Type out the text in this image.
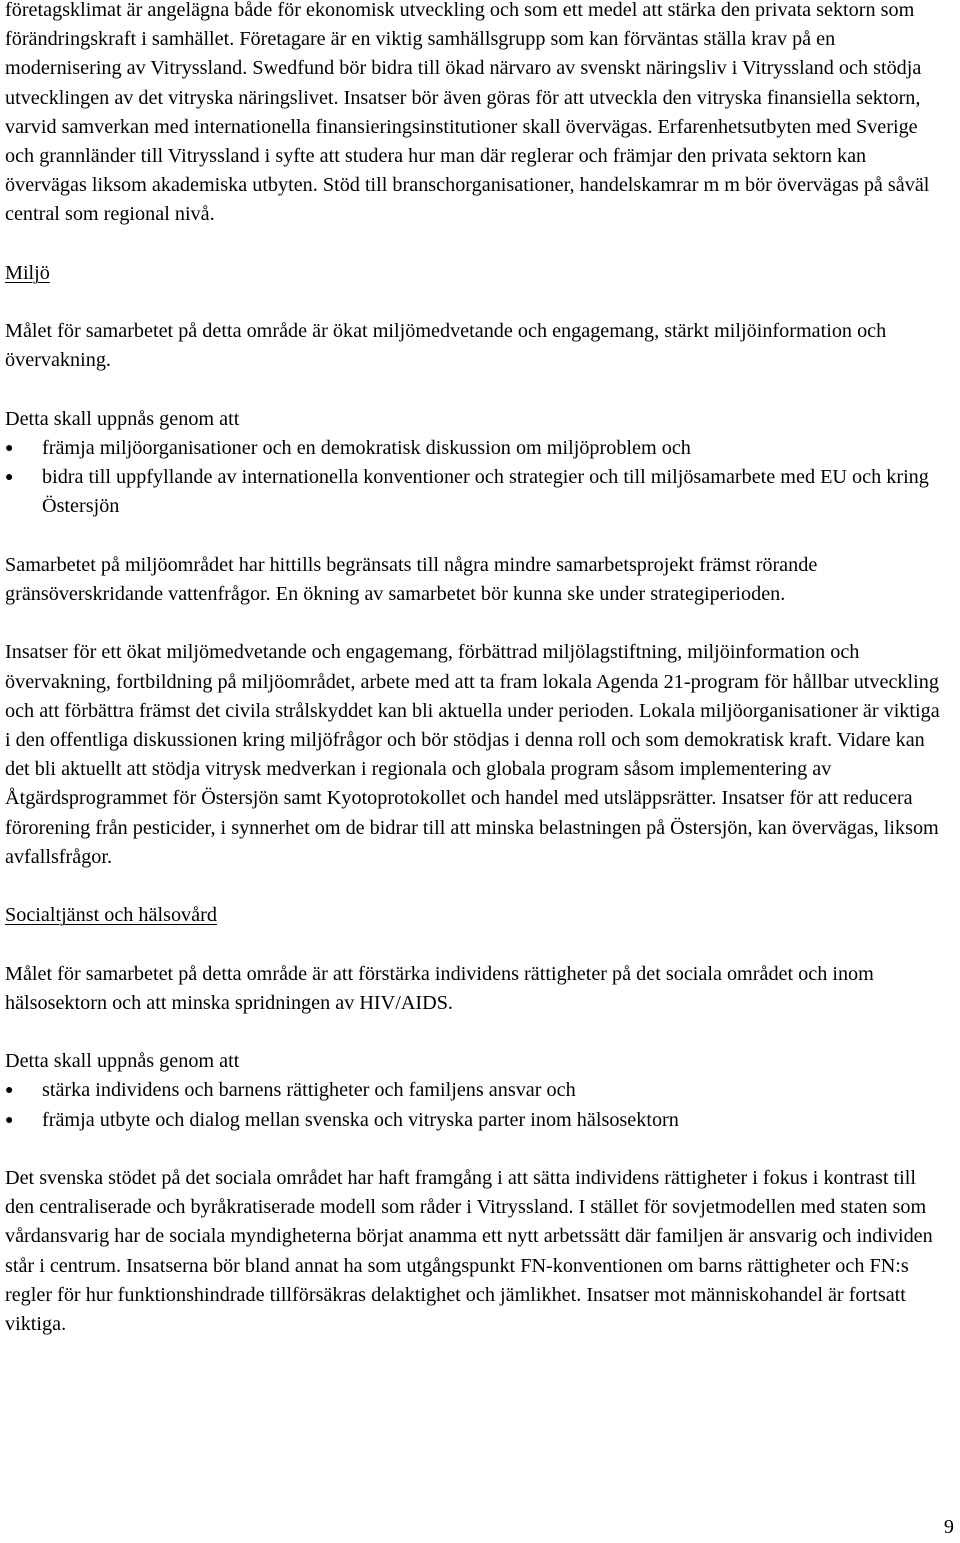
företagsklimat är angelägna både för ekonomisk utveckling och som ett medel att stärka den privata sektorn som förändringskraft i samhället. Företagare är en viktig samhällsgrupp som kan förväntas ställa krav på en modernisering av Vitryssland. Swedfund bör bidra till ökad närvaro av svenskt näringsliv i Vitryssland och stödja utvecklingen av det vitryska näringslivet. Insatser bör även göras för att utveckla den vitryska finansiella sektorn, varvid samverkan med internationella finansieringsinstitutioner skall övervägas. Erfarenhetsutbyten med Sverige och grannländer till Vitryssland i syfte att studera hur man där reglerar och främjar den privata sektorn kan övervägas liksom akademiska utbyten. Stöd till branschorganisationer, handelskamrar m m bör övervägas på såväl central som regional nivå.

Miljö

Målet för samarbetet på detta område är ökat miljömedvetande och engagemang, stärkt miljöinformation och övervakning.

Detta skall uppnås genom att

●	främja miljöorganisationer och en demokratisk diskussion om miljöproblem och
●	bidra till uppfyllande av internationella konventioner och strategier och till miljösamarbete med EU och kring Östersjön

Samarbetet på miljöområdet har hittills begränsats till några mindre samarbetsprojekt främst rörande gränsöverskridande vattenfrågor. En ökning av samarbetet bör kunna ske under strategiperioden.

Insatser för ett ökat miljömedvetande och engagemang, förbättrad miljölagstiftning, miljöinformation och övervakning, fortbildning på miljöområdet, arbete med att ta fram lokala Agenda 21-program för hållbar utveckling och att förbättra främst det civila strålskyddet kan bli aktuella under perioden. Lokala miljöorganisationer är viktiga i den offentliga diskussionen kring miljöfrågor och bör stödjas i denna roll och som demokratisk kraft. Vidare kan det bli aktuellt att stödja vitrysk medverkan i regionala och globala program såsom implementering av Åtgärdsprogrammet för Östersjön samt Kyotoprotokollet och handel med utsläppsrätter. Insatser för att reducera förorening från pesticider, i synnerhet om de bidrar till att minska belastningen på Östersjön, kan övervägas, liksom avfallsfrågor.

Socialtjänst och hälsovård

Målet för samarbetet på detta område är att förstärka individens rättigheter på det sociala området och inom hälsosektorn och att minska spridningen av HIV/AIDS.

Detta skall uppnås genom att

●	stärka individens och barnens rättigheter och familjens ansvar och
●	främja utbyte och dialog mellan svenska och vitryska parter inom hälsosektorn

Det svenska stödet på det sociala området har haft framgång i att sätta individens rättigheter i fokus i kontrast till den centraliserade och byråkratiserade modell som råder i Vitryssland. I stället för sovjetmodellen med staten som vårdansvarig har de sociala myndigheterna börjat anamma ett nytt arbetssätt där familjen är ansvarig och individen står i centrum. Insatserna bör bland annat ha som utgångspunkt FN-konventionen om barns rättigheter och FN:s regler för hur funktionshindrade tillförsäkras delaktighet och jämlikhet. Insatser mot människohandel är fortsatt viktiga.

9
